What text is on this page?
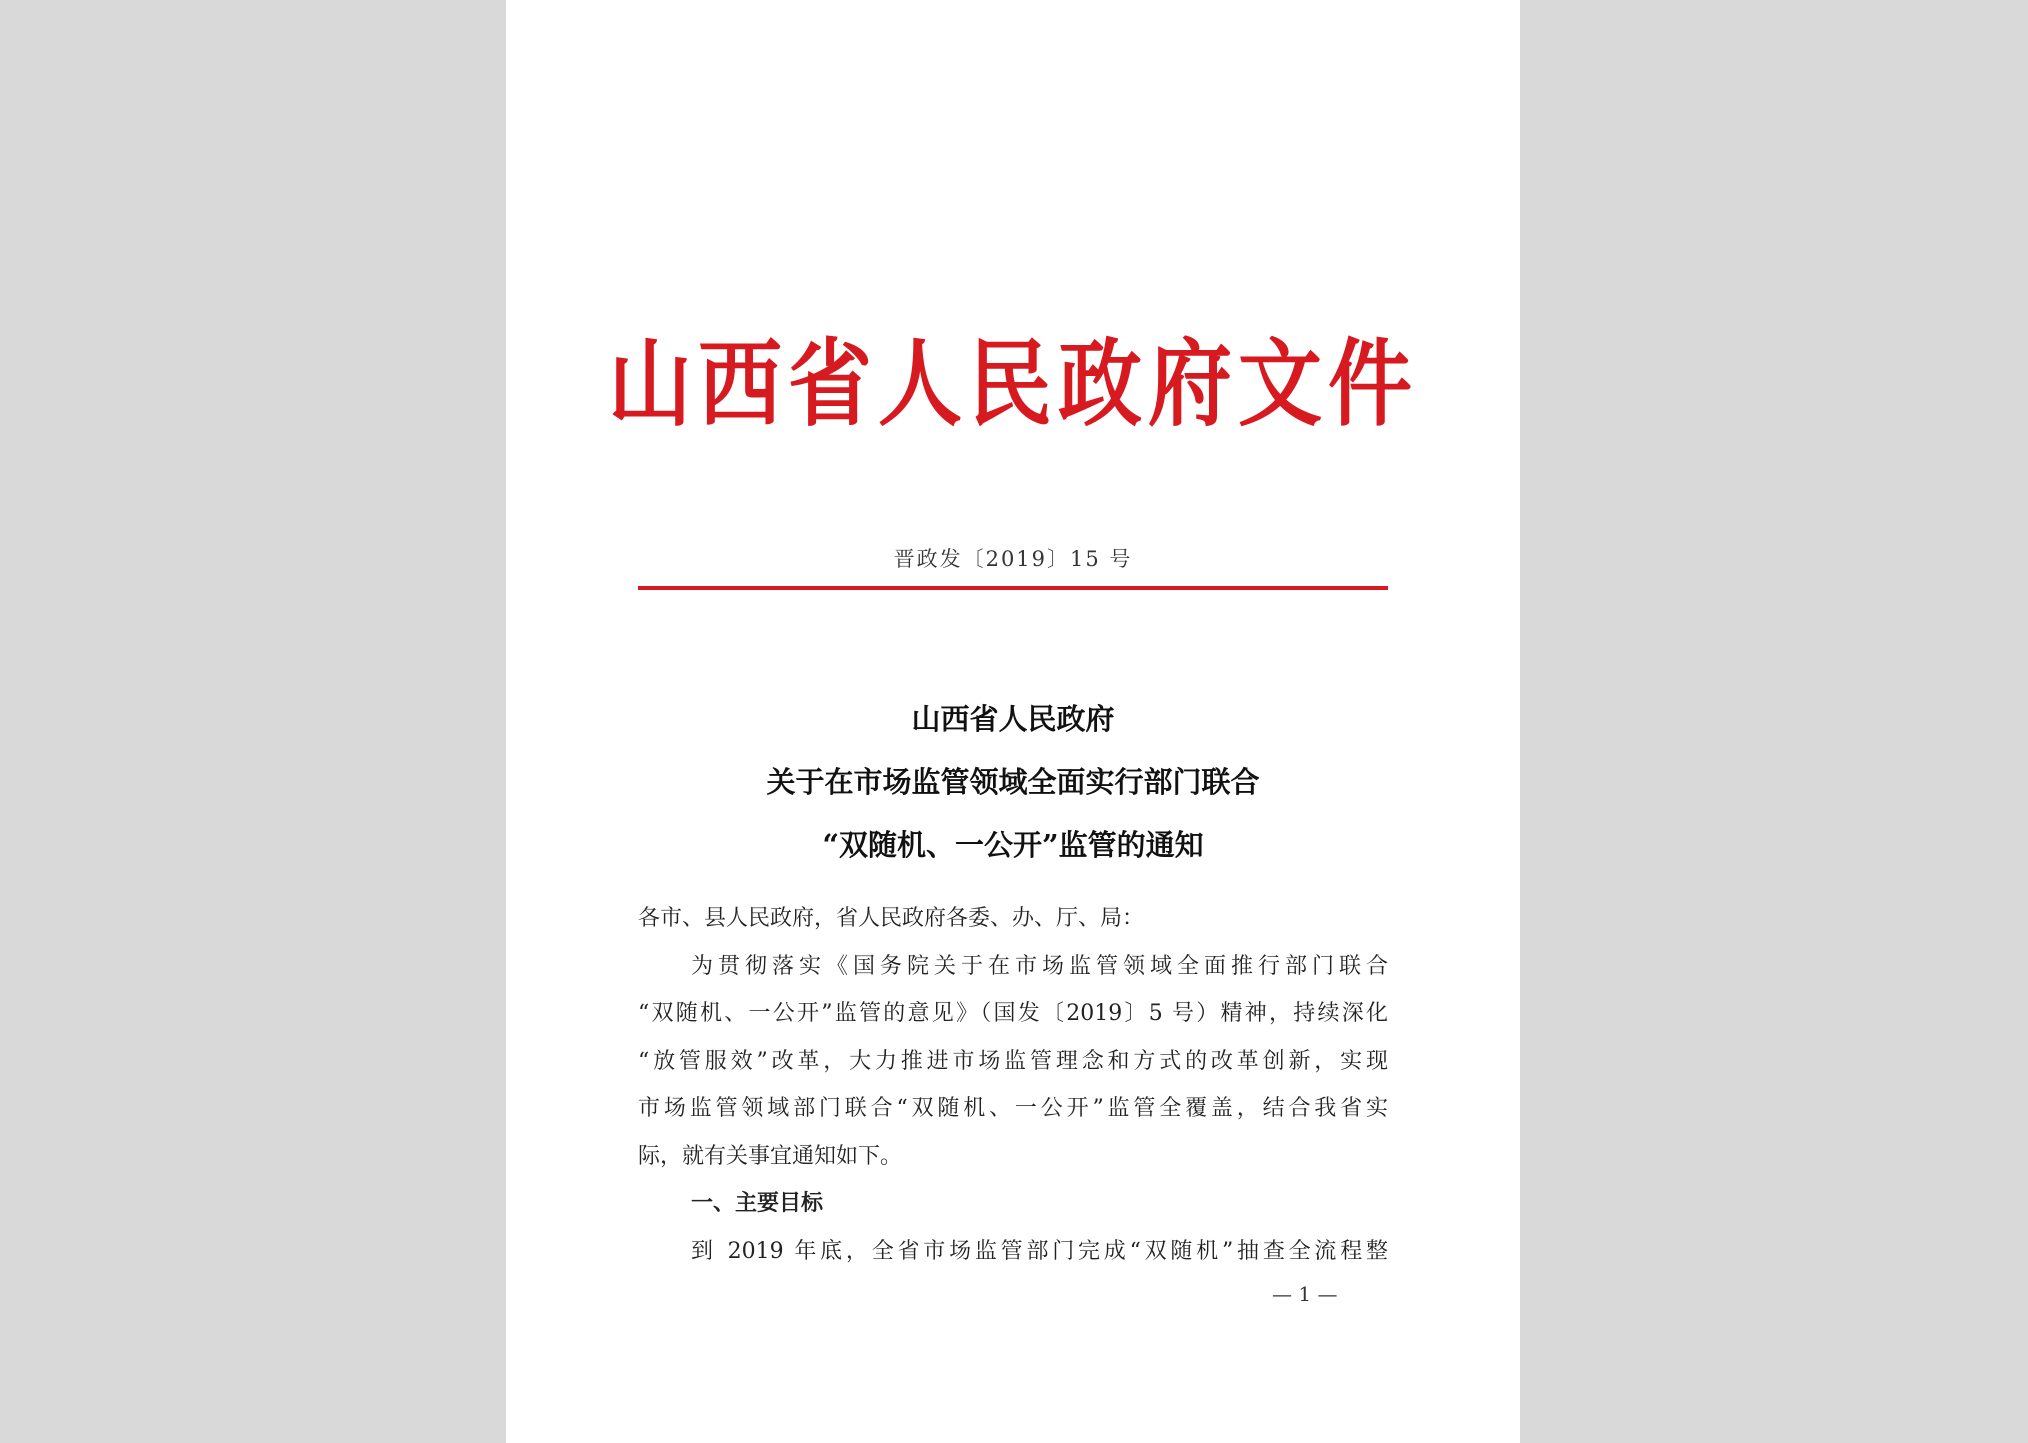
山西省人民政府文件
晋政发〔2019〕15 号
山西省人民政府
关于在市场监管领域全面实行部门联合
“双随机、一公开”监管的通知
各市、县人民政府，省人民政府各委、办、厅、局：
为贯彻落实《国务院关于在市场监管领域全面推行部门联合
“双随机、一公开”监管的意见》（国发〔2019〕5 号）精神，持续深化
“放管服效”改革，大力推进市场监管理念和方式的改革创新，实现
市场监管领域部门联合“双随机、一公开”监管全覆盖，结合我省实
际，就有关事宜通知如下。
一、主要目标
到 2019 年底，全省市场监管部门完成“双随机”抽查全流程整
— 1 —
